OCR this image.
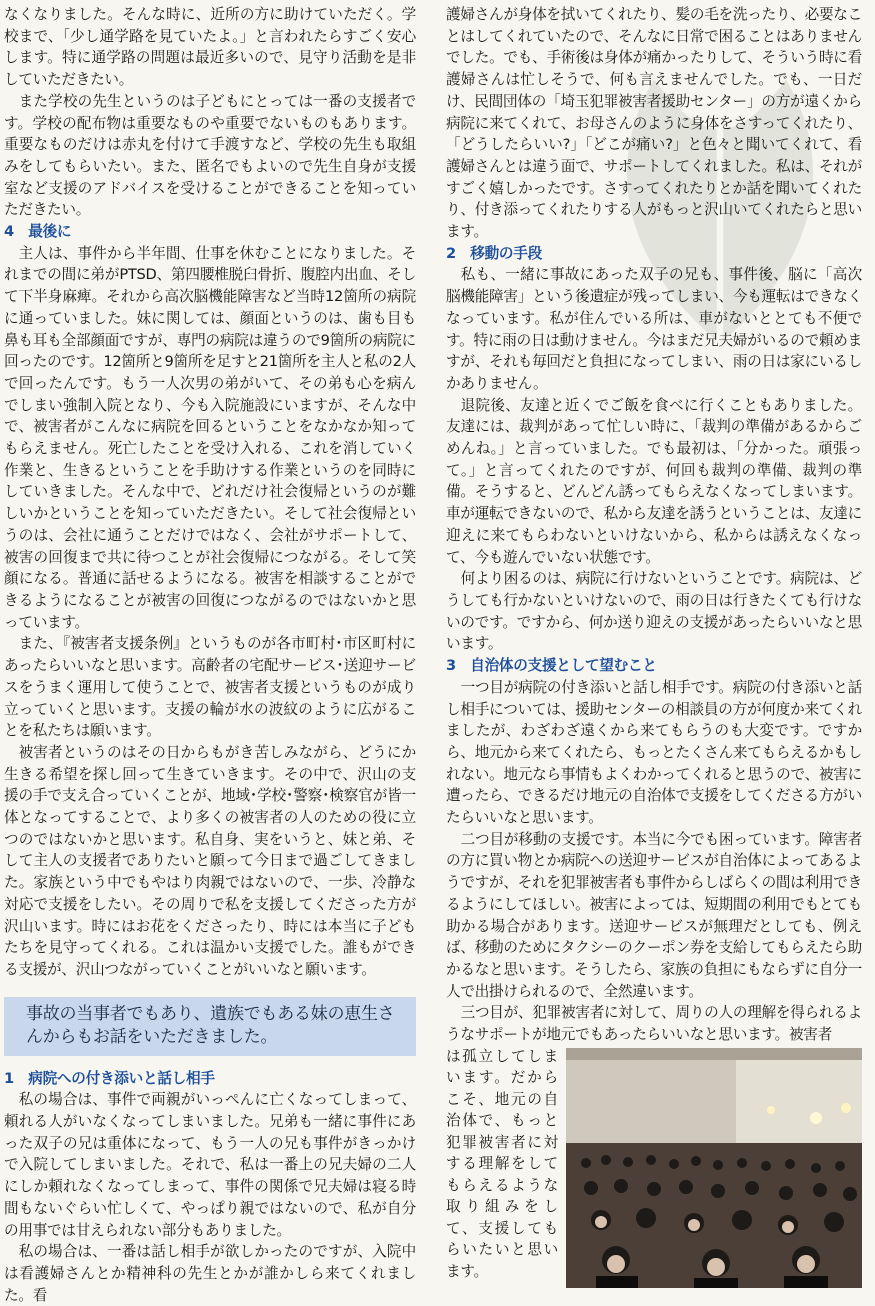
なくなりました。そんな時に、近所の方に助けていただく。学校まで、「少し通学路を見ていたよ。」と言われたらすごく安心します。特に通学路の問題は最近多いので、見守り活動を是非していただきたい。

また学校の先生というのは子どもにとっては一番の支援者です。学校の配布物は重要なものや重要でないものもあります。重要なものだけは赤丸を付けて手渡すなど、学校の先生も取組みをしてもらいたい。また、匿名でもよいので先生自身が支援室など支援のアドバイスを受けることができることを知っていただきたい。

4　最後に

主人は、事件から半年間、仕事を休むことになりました。それまでの間に弟がPTSD、第四腰椎脱臼骨折、腹腔内出血、そして下半身麻痺。それから高次脳機能障害など当時12箇所の病院に通っていました。妹に関しては、顔面というのは、歯も目も鼻も耳も全部顔面ですが、専門の病院は違うので9箇所の病院に回ったのです。12箇所と9箇所を足すと21箇所を主人と私の2人で回ったんです。もう一人次男の弟がいて、その弟も心を病んでしまい強制入院となり、今も入院施設にいますが、そんな中で、被害者がこんなに病院を回るということをなかなか知ってもらえません。死亡したことを受け入れる、これを消していく作業と、生きるということを手助けする作業というのを同時にしていきました。そんな中で、どれだけ社会復帰というのが難しいかということを知っていただきたい。そして社会復帰というのは、会社に通うことだけではなく、会社がサポートして、被害の回復まで共に待つことが社会復帰につながる。そして笑顔になる。普通に話せるようになる。被害を相談することができるようになることが被害の回復につながるのではないかと思っています。

また、『被害者支援条例』というものが各市町村･市区町村にあったらいいなと思います。高齢者の宅配サービス･送迎サービスをうまく運用して使うことで、被害者支援というものが成り立っていくと思います。支援の輪が水の波紋のように広がることを私たちは願います。

被害者というのはその日からもがき苦しみながら、どうにか生きる希望を探し回って生きていきます。その中で、沢山の支援の手で支え合っていくことが、地域･学校･警察･検察官が皆一体となってすることで、より多くの被害者の人のための役に立つのではないかと思います。私自身、実をいうと、妹と弟、そして主人の支援者でありたいと願って今日まで過ごしてきました。家族という中でもやはり肉親ではないので、一歩、冷静な対応で支援をしたい。その周りで私を支援してくださった方が沢山います。時にはお花をくださったり、時には本当に子どもたちを見守ってくれる。これは温かい支援でした。誰もができる支援が、沢山つながっていくことがいいなと願います。

事故の当事者でもあり、遺族でもある妹の恵生さんからもお話をいただきました。
1　病院への付き添いと話し相手

私の場合は、事件で両親がいっぺんに亡くなってしまって、頼れる人がいなくなってしまいました。兄弟も一緒に事件にあった双子の兄は重体になって、もう一人の兄も事件がきっかけで入院してしまいました。それで、私は一番上の兄夫婦の二人にしか頼れなくなってしまって、事件の関係で兄夫婦は寝る時間もないぐらい忙しくて、やっぱり親ではないので、私が自分の用事では甘えられない部分もありました。

私の場合は、一番は話し相手が欲しかったのですが、入院中は看護婦さんとか精神科の先生とかが誰かしら来てくれました。看

護婦さんが身体を拭いてくれたり、髪の毛を洗ったり、必要なことはしてくれていたので、そんなに日常で困ることはありませんでした。でも、手術後は身体が痛かったりして、そういう時に看護婦さんは忙しそうで、何も言えませんでした。でも、一日だけ、民間団体の「埼玉犯罪被害者援助センター」の方が遠くから病院に来てくれて、お母さんのように身体をさすってくれたり、「どうしたらいい?」「どこが痛い?」と色々と聞いてくれて、看護婦さんとは違う面で、サポートしてくれました。私は、それがすごく嬉しかったです。さすってくれたりとか話を聞いてくれたり、付き添ってくれたりする人がもっと沢山いてくれたらと思います。

2　移動の手段

私も、一緒に事故にあった双子の兄も、事件後、脳に「高次脳機能障害」という後遺症が残ってしまい、今も運転はできなくなっています。私が住んでいる所は、車がないととても不便です。特に雨の日は動けません。今はまだ兄夫婦がいるので頼めますが、それも毎回だと負担になってしまい、雨の日は家にいるしかありません。

退院後、友達と近くでご飯を食べに行くこともありました。友達には、裁判があって忙しい時に、「裁判の準備があるからごめんね。」と言っていました。でも最初は、「分かった。頑張って。」と言ってくれたのですが、何回も裁判の準備、裁判の準備。そうすると、どんどん誘ってもらえなくなってしまいます。車が運転できないので、私から友達を誘うということは、友達に迎えに来てもらわないといけないから、私からは誘えなくなって、今も遊んでいない状態です。

何より困るのは、病院に行けないということです。病院は、どうしても行かないといけないので、雨の日は行きたくても行けないのです。ですから、何か送り迎えの支援があったらいいなと思います。

3　自治体の支援として望むこと

一つ目が病院の付き添いと話し相手です。病院の付き添いと話し相手については、援助センターの相談員の方が何度か来てくれましたが、わざわざ遠くから来てもらうのも大変です。ですから、地元から来てくれたら、もっとたくさん来てもらえるかもしれない。地元なら事情もよくわかってくれると思うので、被害に遭ったら、できるだけ地元の自治体で支援をしてくださる方がいたらいいなと思います。

二つ目が移動の支援です。本当に今でも困っています。障害者の方に買い物とか病院への送迎サービスが自治体によってあるようですが、それを犯罪被害者も事件からしばらくの間は利用できるようにしてほしい。被害によっては、短期間の利用でもとても助かる場合があります。送迎サービスが無理だとしても、例えば、移動のためにタクシーのクーポン券を支給してもらえたら助かるなと思います。そうしたら、家族の負担にもならずに自分一人で出掛けられるので、全然違います。

三つ目が、犯罪被害者に対して、周りの人の理解を得られるようなサポートが地元でもあったらいいなと思います。被害者

は孤立してしまいます。だからこそ、地元の自治体で、もっと犯罪被害者に対する理解をしてもらえるような取り組みをして、支援してもらいたいと思います。
